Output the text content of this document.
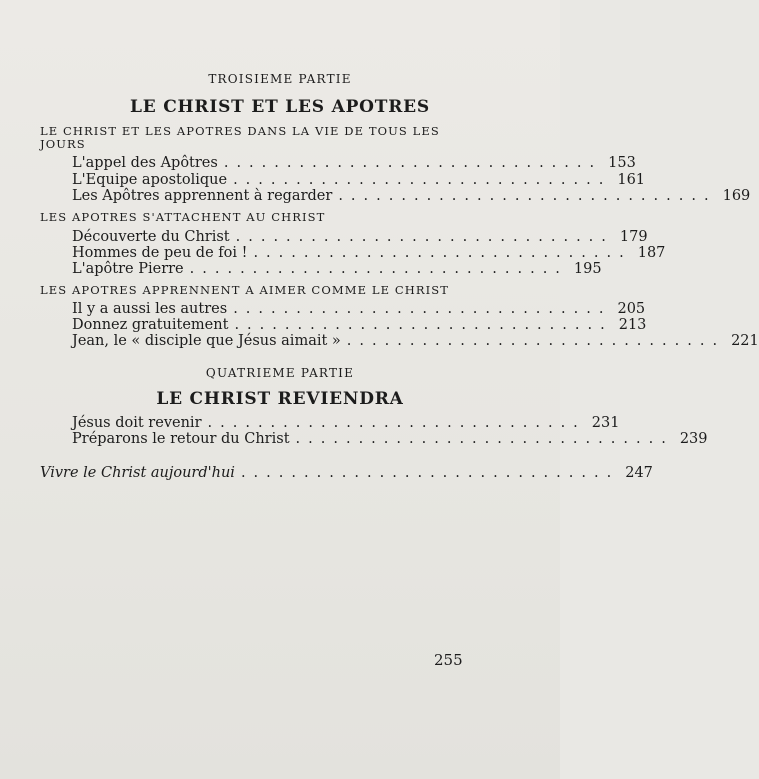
TROISIEME PARTIE
LE CHRIST ET LES APOTRES
LE CHRIST ET LES APOTRES DANS LA VIE DE TOUS LES
JOURS
L'appel des Apôtres .............................. 153
L'Equipe apostolique .............................. 161
Les Apôtres apprennent à regarder .............................. 169
LES APOTRES S'ATTACHENT AU CHRIST
Découverte du Christ .............................. 179
Hommes de peu de foi ! .............................. 187
L'apôtre Pierre .............................. 195
LES APOTRES APPRENNENT A AIMER COMME LE CHRIST
Il y a aussi les autres .............................. 205
Donnez gratuitement .............................. 213
Jean, le « disciple que Jésus aimait » .............................. 221
QUATRIEME PARTIE
LE CHRIST REVIENDRA
Jésus doit revenir .............................. 231
Préparons le retour du Christ .............................. 239
Vivre le Christ aujourd'hui .............................. 247
255
